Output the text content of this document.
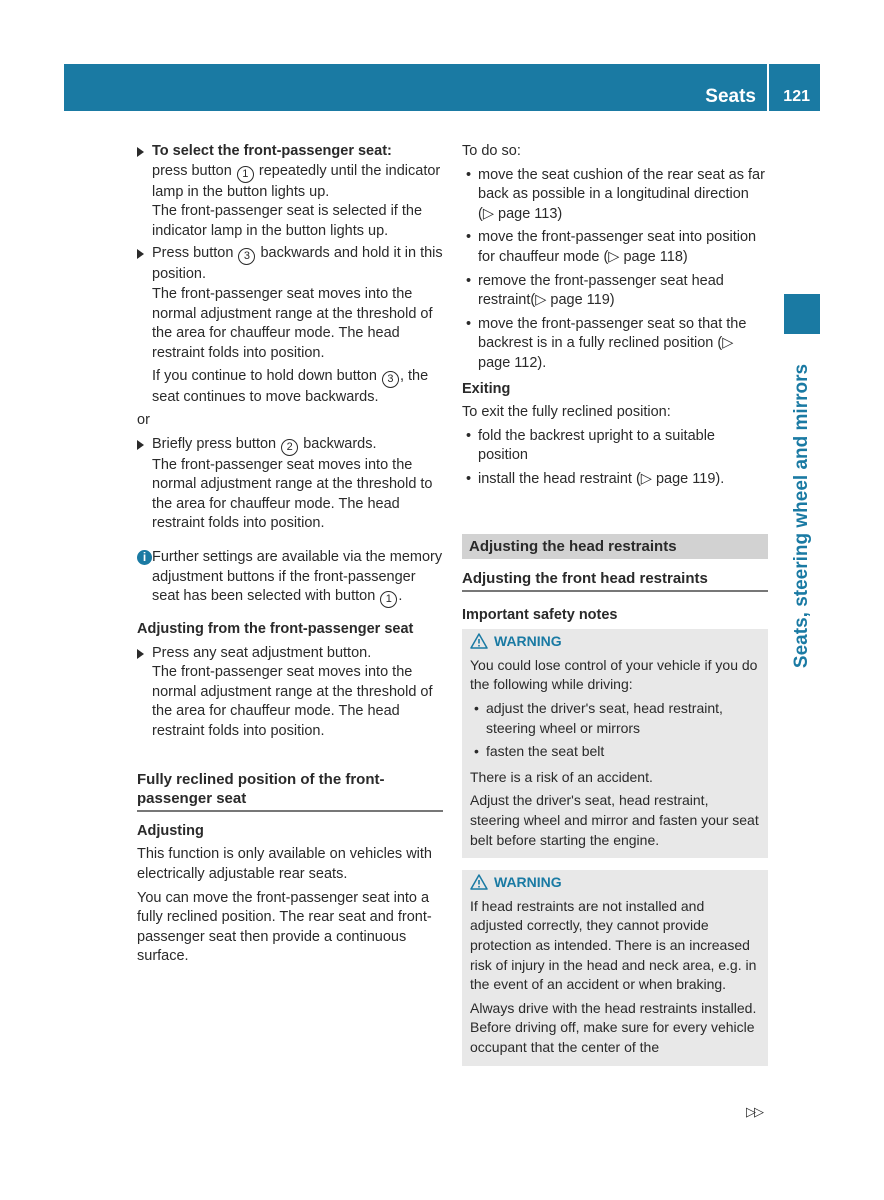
Seats 121
Seats, steering wheel and mirrors

To select the front-passenger seat:
press button 1 repeatedly until the indicator lamp in the button lights up.

The front-passenger seat is selected if the indicator lamp in the button lights up.

Press button 3 backwards and hold it in this position.

The front-passenger seat moves into the normal adjustment range at the threshold of the area for chauffeur mode. The head restraint folds into position.

If you continue to hold down button 3 , the seat continues to move backwards.

or

Briefly press button 2 backwards.

The front-passenger seat moves into the normal adjustment range at the threshold to the area for chauffeur mode. The head restraint folds into position.

i Further settings are available via the memory adjustment buttons if the front-passenger seat has been selected with button 1 .

Adjusting from the front-passenger seat

Press any seat adjustment button.

The front-passenger seat moves into the normal adjustment range at the threshold of the area for chauffeur mode. The head restraint folds into position.

Fully reclined position of the front-passenger seat

Adjusting

This function is only available on vehicles with electrically adjustable rear seats.

You can move the front-passenger seat into a fully reclined position. The rear seat and front-passenger seat then provide a continuous surface.

To do so:

• move the seat cushion of the rear seat as far back as possible in a longitudinal direction (▷ page 113)
• move the front-passenger seat into position for chauffeur mode (▷ page 118)
• remove the front-passenger seat head restraint(▷ page 119)
• move the front-passenger seat so that the backrest is in a fully reclined position (▷ page 112).

Exiting

To exit the fully reclined position:

• fold the backrest upright to a suitable position
• install the head restraint (▷ page 119).
Adjusting the head restraints
Adjusting the front head restraints

Important safety notes

WARNING

You could lose control of your vehicle if you do the following while driving:

• adjust the driver's seat, head restraint, steering wheel or mirrors
• fasten the seat belt

There is a risk of an accident.

Adjust the driver's seat, head restraint, steering wheel and mirror and fasten your seat belt before starting the engine.

WARNING

If head restraints are not installed and adjusted correctly, they cannot provide protection as intended. There is an increased risk of injury in the head and neck area, e.g. in the event of an accident or when braking.

Always drive with the head restraints installed. Before driving off, make sure for every vehicle occupant that the center of the

▷▷
